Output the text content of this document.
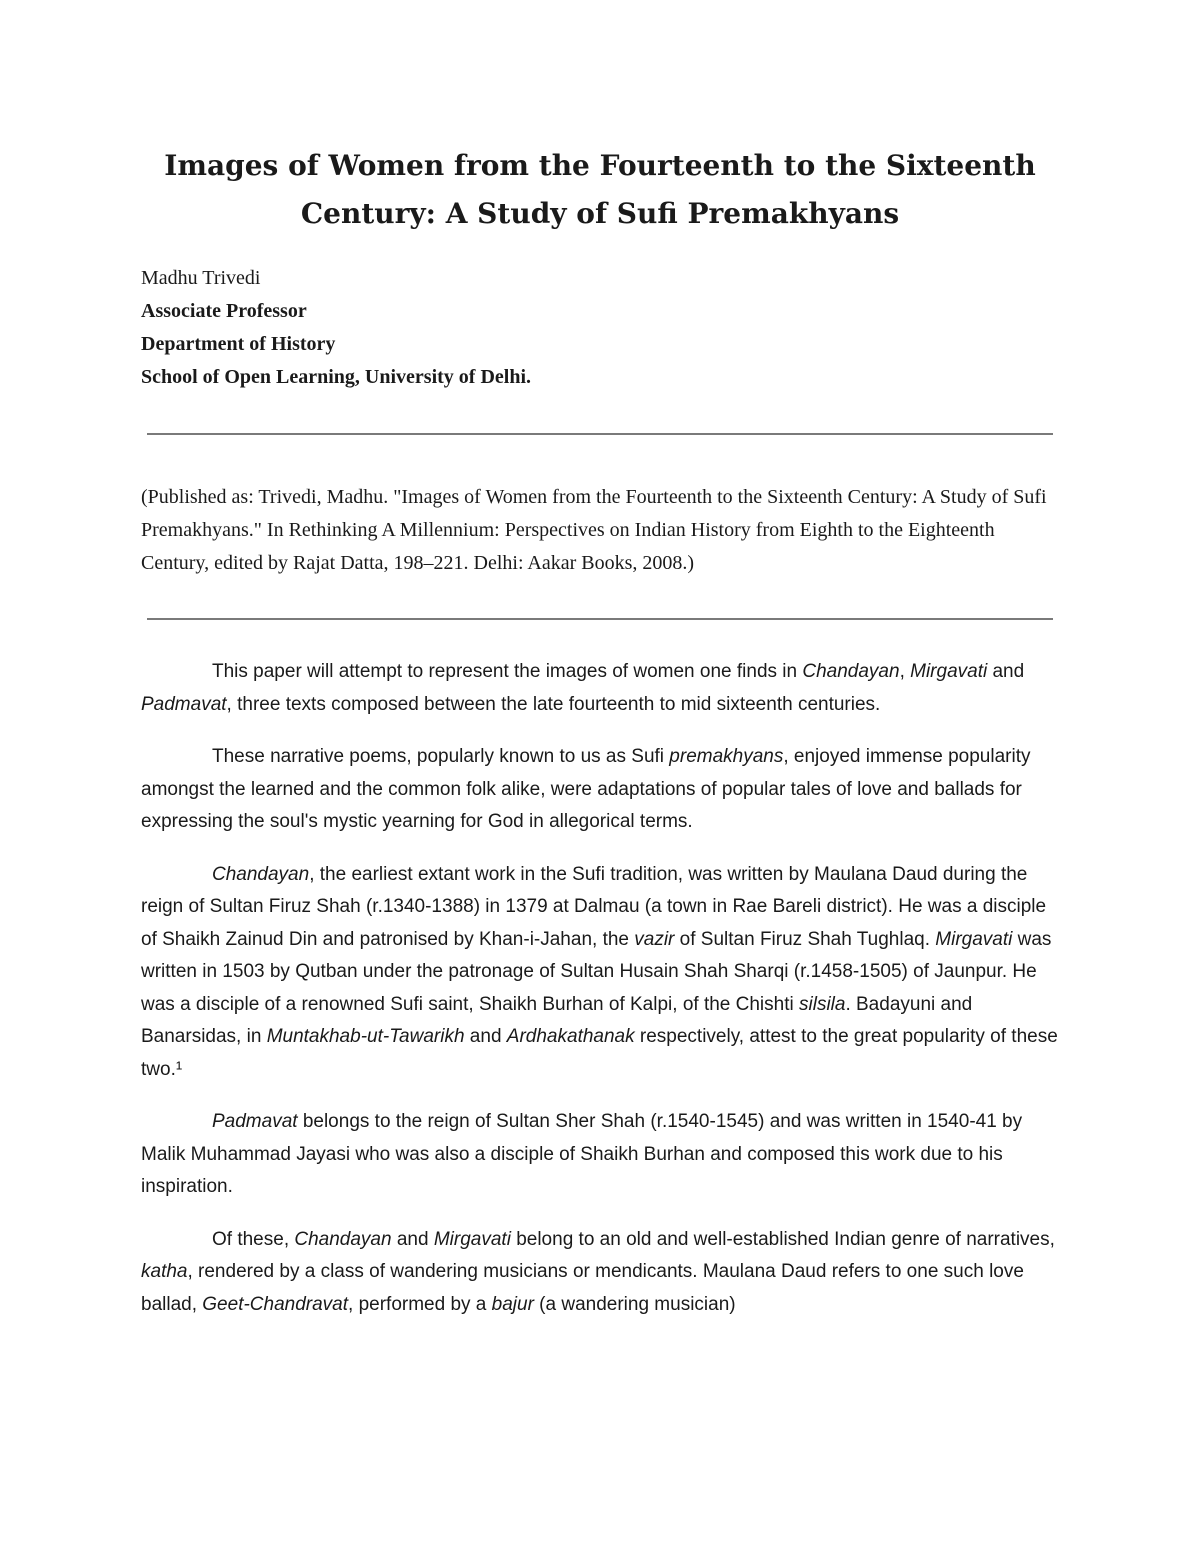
Images of Women from the Fourteenth to the Sixteenth Century: A Study of Sufi Premakhyans
Madhu Trivedi
Associate Professor
Department of History
School of Open Learning, University of Delhi.
(Published as: Trivedi, Madhu. "Images of Women from the Fourteenth to the Sixteenth Century: A Study of Sufi Premakhyans." In Rethinking A Millennium: Perspectives on Indian History from Eighth to the Eighteenth Century, edited by Rajat Datta, 198–221. Delhi: Aakar Books, 2008.)

This paper will attempt to represent the images of women one finds in Chandayan, Mirgavati and Padmavat, three texts composed between the late fourteenth to mid sixteenth centuries.

These narrative poems, popularly known to us as Sufi premakhyans, enjoyed immense popularity amongst the learned and the common folk alike, were adaptations of popular tales of love and ballads for expressing the soul's mystic yearning for God in allegorical terms.

Chandayan, the earliest extant work in the Sufi tradition, was written by Maulana Daud during the reign of Sultan Firuz Shah (r.1340-1388) in 1379 at Dalmau (a town in Rae Bareli district). He was a disciple of Shaikh Zainud Din and patronised by Khan-i-Jahan, the vazir of Sultan Firuz Shah Tughlaq. Mirgavati was written in 1503 by Qutban under the patronage of Sultan Husain Shah Sharqi (r.1458-1505) of Jaunpur. He was a disciple of a renowned Sufi saint, Shaikh Burhan of Kalpi, of the Chishti silsila. Badayuni and Banarsidas, in Muntakhab-ut-Tawarikh and Ardhakathanak respectively, attest to the great popularity of these two.¹

Padmavat belongs to the reign of Sultan Sher Shah (r.1540-1545) and was written in 1540-41 by Malik Muhammad Jayasi who was also a disciple of Shaikh Burhan and composed this work due to his inspiration.

Of these, Chandayan and Mirgavati belong to an old and well-established Indian genre of narratives, katha, rendered by a class of wandering musicians or mendicants. Maulana Daud refers to one such love ballad, Geet-Chandravat, performed by a bajur (a wandering musician)
